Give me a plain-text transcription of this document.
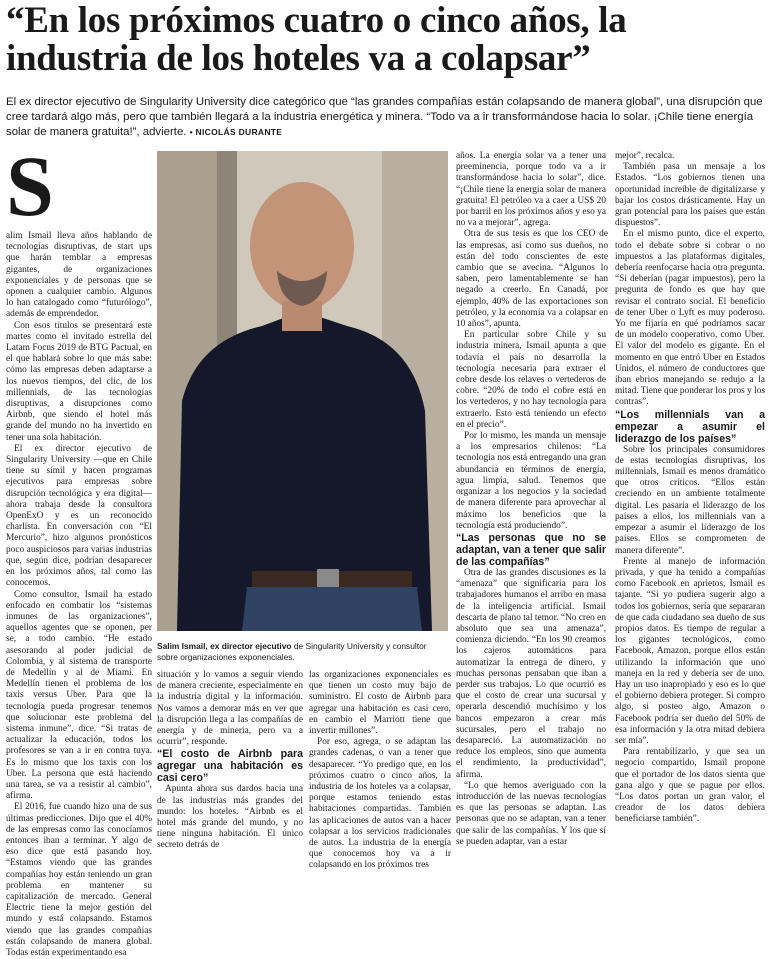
“En los próximos cuatro o cinco años, la industria de los hoteles va a colapsar”

El ex director ejecutivo de Singularity University dice categórico que “las grandes compañías están colapsando de manera global”, una disrupción que cree tardará algo más, pero que también llegará a la industria energética y minera. “Todo va a ir transformándose hacia lo solar. ¡Chile tiene energía solar de manera gratuita!”, advierte. • NICOLÁS DURANTE

S

alim Ismail lleva años hablando de tecnologías disruptivas, de start ups que harán temblar a empresas gigantes, de organizaciones exponenciales y de personas que se oponen a cualquier cambio. Algunos lo han catalogado como “futurólogo”, además de emprendedor.

Con esos títulos se presentará este martes como el invitado estrella del Latam Focus 2019 de BTG Pactual, en el que hablará sobre lo que más sabe: cómo las empresas deben adaptarse a los nuevos tiempos, del clic, de los millennials, de las tecnologías disruptivas, a disrupciones como Airbnb, que siendo el hotel más grande del mundo no ha invertido en tener una sola habitación.

El ex director ejecutivo de Singularity University —que en Chile tiene su símil y hacen programas ejecutivos para empresas sobre disrupción tecnológica y era digital— ahora trabaja desde la consultora OpenExO y es un reconocido charlista. En conversación con “El Mercurio”, hizo algunos pronósticos poco auspiciosos para varias industrias que, según dice, podrían desaparecer en los próximos años, tal como las conocemos.

Como consultor, Ismail ha estado enfocado en combatir los “sistemas inmunes de las organizaciones”, aquellos agentes que se oponen, per se, a todo cambio. “He estado asesorando al poder judicial de Colombia, y al sistema de transporte de Medellín y al de Miami. En Medellín tienen el problema de los taxis versus Uber. Para que la tecnología pueda progresar tenemos que solucionar este problema del sistema inmune”, dice. “Si tratas de actualizar la educación, todos los profesores se van a ir en contra tuya. Es lo mismo que los taxis con los Uber. La persona que está haciendo una tarea, se va a resistir al cambio”, afirma.

El 2016, fue cuando hizo una de sus últimas predicciones. Dijo que el 40% de las empresas como las conocíamos entonces iban a terminar. Y algo de eso dice que está pasando hoy. “Estamos viendo que las grandes compañías hoy están teniendo un gran problema en mantener su capitalización de mercado. General Electric tiene la mejor gestión del mundo y está colapsando. Estamos viendo que las grandes compañías están colapsando de manera global. Todas están experimentando esa

Salim Ismail, ex director ejecutivo de Singularity University y consultor sobre organizaciones exponenciales.

situación y lo vamos a seguir viendo de manera creciente, especialmente en la industria digital y la información. Nos vamos a demorar más en ver que la disrupción llega a las compañías de energía y de minería, pero va a ocurrir”, responde.

“El costo de Airbnb para agregar una habitación es casi cero”

Apunta ahora sus dardos hacia una de las industrias más grandes del mundo: los hoteles. “Airbnb es el hotel más grande del mundo, y no tiene ninguna habitación. El único secreto detrás de

las organizaciones exponenciales es que tienen un costo muy bajo de suministro. El costo de Airbnb para agregar una habitación es casi cero, en cambio el Marriott tiene que invertir millones”.

Por eso, agrega, o se adaptan las grandes cadenas, o van a tener que desaparecer. “Yo predigo que, en los próximos cuatro o cinco años, la industria de los hoteles va a colapsar, porque estamos teniendo estas habitaciones compartidas. También las aplicaciones de autos van a hacer colapsar a los servicios tradicionales de autos. La industria de la energía que conocemos hoy va a ir colapsando en los próximos tres

años. La energía solar va a tener una preeminencia, porque todo va a ir transformándose hacia lo solar”, dice. “¡Chile tiene la energía solar de manera gratuita! El petróleo va a caer a US$ 20 por barril en los próximos años y eso ya no va a mejorar”, agrega.

Otra de sus tesis es que los CEO de las empresas, así como sus dueños, no están del todo conscientes de este cambio que se avecina. “Algunos lo saben, pero lamentablemente se han negado a creerlo. En Canadá, por ejemplo, 40% de las exportaciones son petróleo, y la economía va a colapsar en 10 años”, apunta.

En particular sobre Chile y su industria minera, Ismail apunta a que todavía el país no desarrolla la tecnología necesaria para extraer el cobre desde los relaves o vertederos de cobre. “20% de todo el cobre está en los vertederos, y no hay tecnología para extraerlo. Esto está teniendo un efecto en el precio”.

Por lo mismo, les manda un mensaje a los empresarios chilenos: “La tecnología nos está entregando una gran abundancia en términos de energía, agua limpia, salud. Tenemos que organizar a los negocios y la sociedad de manera diferente para aprovechar al máximo los beneficios que la tecnología está produciendo”.

“Las personas que no se adaptan, van a tener que salir de las compañías”

Otra de las grandes discusiones es la “amenaza” que significaría para los trabajadores humanos el arribo en masa de la inteligencia artificial. Ismail descarta de plano tal temor. “No creo en absoluto que sea una amenaza”, comienza diciendo. “En los 90 creamos los cajeros automáticos para automatizar la entrega de dinero, y muchas personas pensaban que iban a perder sus trabajos. Lo que ocurrió es que el costo de crear una sucursal y operarla descendió muchísimo y los bancos empezaron a crear más sucursales, pero el trabajo no desapareció. La automatización no reduce los empleos, sino que aumenta el rendimiento, la productividad”, afirma.

“Lo que hemos averiguado con la introducción de las nuevas tecnologías es que las personas se adaptan. Las personas que no se adaptan, van a tener que salir de las compañías. Y los que sí se pueden adaptar, van a estar

mejor”, recalca.

También pasa un mensaje a los Estados. “Los gobiernos tienen una oportunidad increíble de digitalizarse y bajar los costos drásticamente. Hay un gran potencial para los países que están dispuestos”.

En el mismo punto, dice el experto, todo el debate sobre si cobrar o no impuestos a las plataformas digitales, debería reenfocarse hacia otra pregunta. “Si deberían (pagar impuestos), pero la pregunta de fondo es que hay que revisar el contrato social. El beneficio de tener Uber o Lyft es muy poderoso. Yo me fijaría en qué podríamos sacar de un modelo cooperativo, como Uber. El valor del modelo es gigante. En el momento en que entró Uber en Estados Unidos, el número de conductores que iban ebrios manejando se redujo a la mitad. Tiene que ponderar los pros y los contras”.

“Los millennials van a empezar a asumir el liderazgo de los países”

Sobre los principales consumidores de estas tecnologías disruptivas, los millennials, Ismail es menos dramático que otros críticos. “Ellos están creciendo en un ambiente totalmente digital. Les pasaría el liderazgo de los países a ellos, los millennials van a empezar a asumir el liderazgo de los países. Ellos se comprometen de manera diferente”.

Frente al manejo de información privada, y que ha tenido a compañías como Facebook en aprietos, Ismail es tajante. “Si yo pudiera sugerir algo a todos los gobiernos, sería que separaran de que cada ciudadano sea dueño de sus propios datos. Es tiempo de regular a los gigantes tecnológicos, como Facebook, Amazon, porque ellos están utilizando la información que uno maneja en la red y debería ser de uno. Hay un uso inapropiado y eso es lo que el gobierno debiera proteger. Si compro algo, si posteo algo, Amazon o Facebook podría ser dueño del 50% de esa información y la otra mitad debiera ser mía”.

Para rentabilizarlo, y que sea un negocio compartido, Ismail propone que el portador de los datos sienta que gana algo y que se pague por ellos. “Los datos portan un gran valor, el creador de los datos debiera beneficiarse también”.
